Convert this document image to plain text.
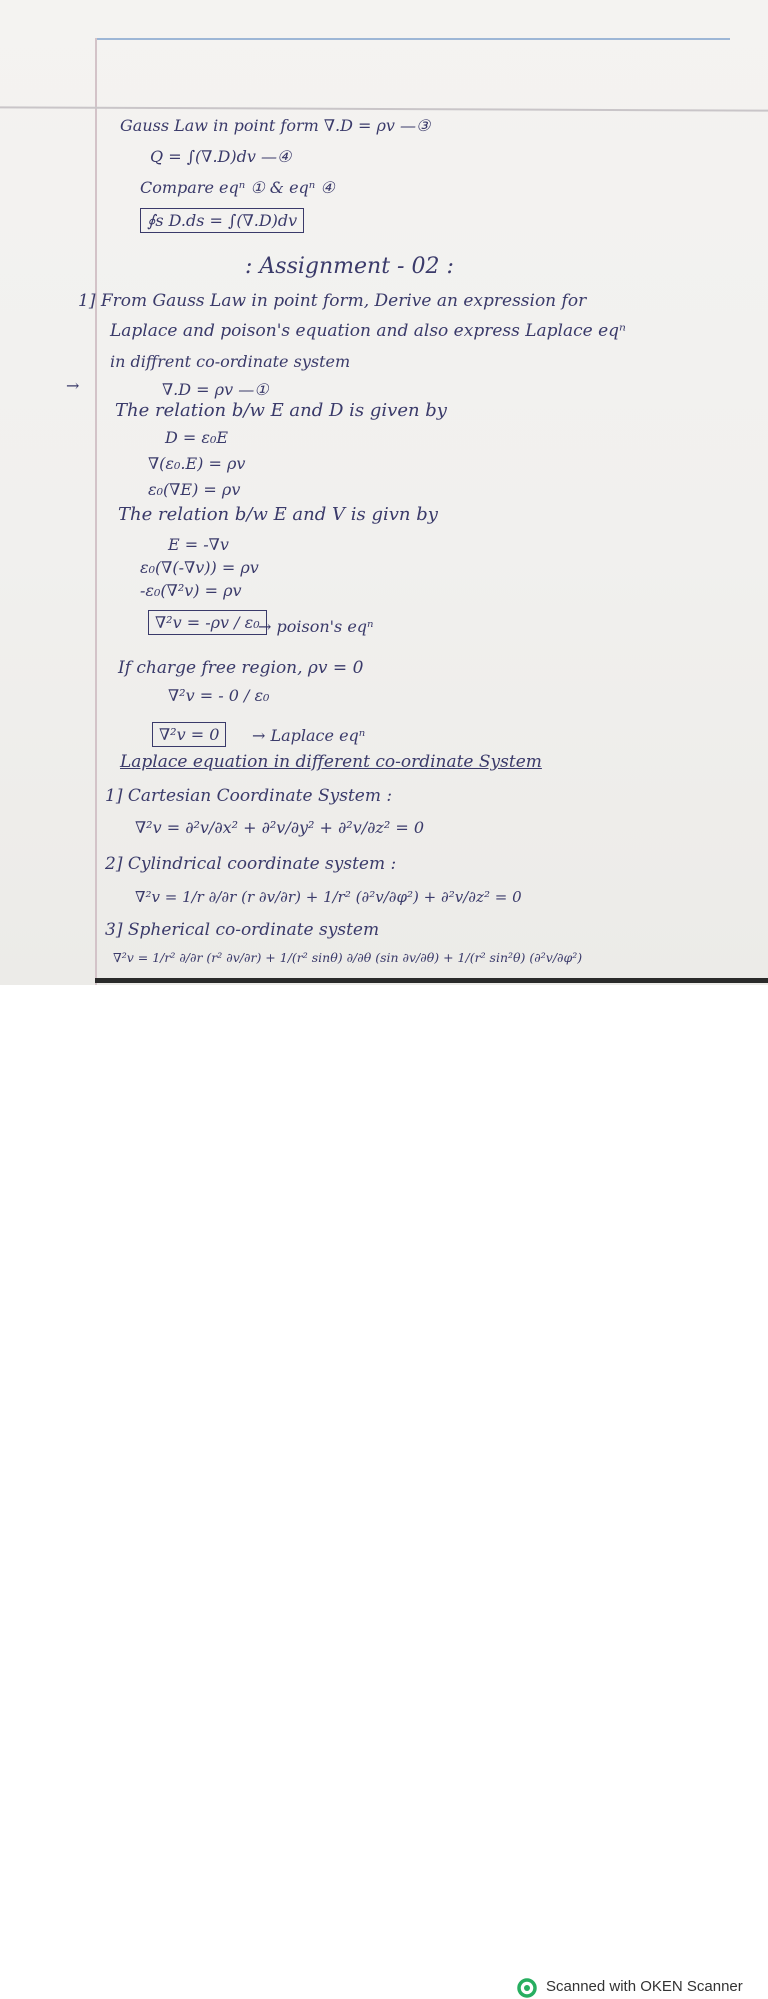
Gauss Law in point form ∇.D = ρv —③
Q = ∫(∇.D)dv —④
Compare eqⁿ ① & eqⁿ ④
∮s D.ds = ∫(∇.D)dv
: Assignment - 02 :
1] From Gauss Law in point form, Derive an expression for
Laplace and poison's equation and also express Laplace eqⁿ
in diffrent co-ordinate system
→	∇.D = ρv —①
The relation b/w E and D is given by
D = ε₀E
∇(ε₀.E) = ρv
ε₀(∇E) = ρv
The relation b/w E and V is givn by
E = -∇v
ε₀(∇(-∇v)) = ρv
-ε₀(∇²v) = ρv
∇²v = -ρv / ε₀
→ poison's eqⁿ
If charge free region, ρv = 0
∇²v = - 0 / ε₀
∇²v = 0	→ Laplace eqⁿ
Laplace equation in different co-ordinate System
1] Cartesian Coordinate System :
∇²v = ∂²v/∂x² + ∂²v/∂y² + ∂²v/∂z² = 0
2] Cylindrical coordinate system :
∇²v = 1/r ∂/∂r (r ∂v/∂r) + 1/r² (∂²v/∂φ²) + ∂²v/∂z² = 0
3] Spherical co-ordinate system
∇²v = 1/r² ∂/∂r (r² ∂v/∂r) + 1/(r² sinθ) ∂/∂θ (sin ∂v/∂θ) + 1/(r² sin²θ) (∂²v/∂φ²)
Scanned with OKEN Scanner
